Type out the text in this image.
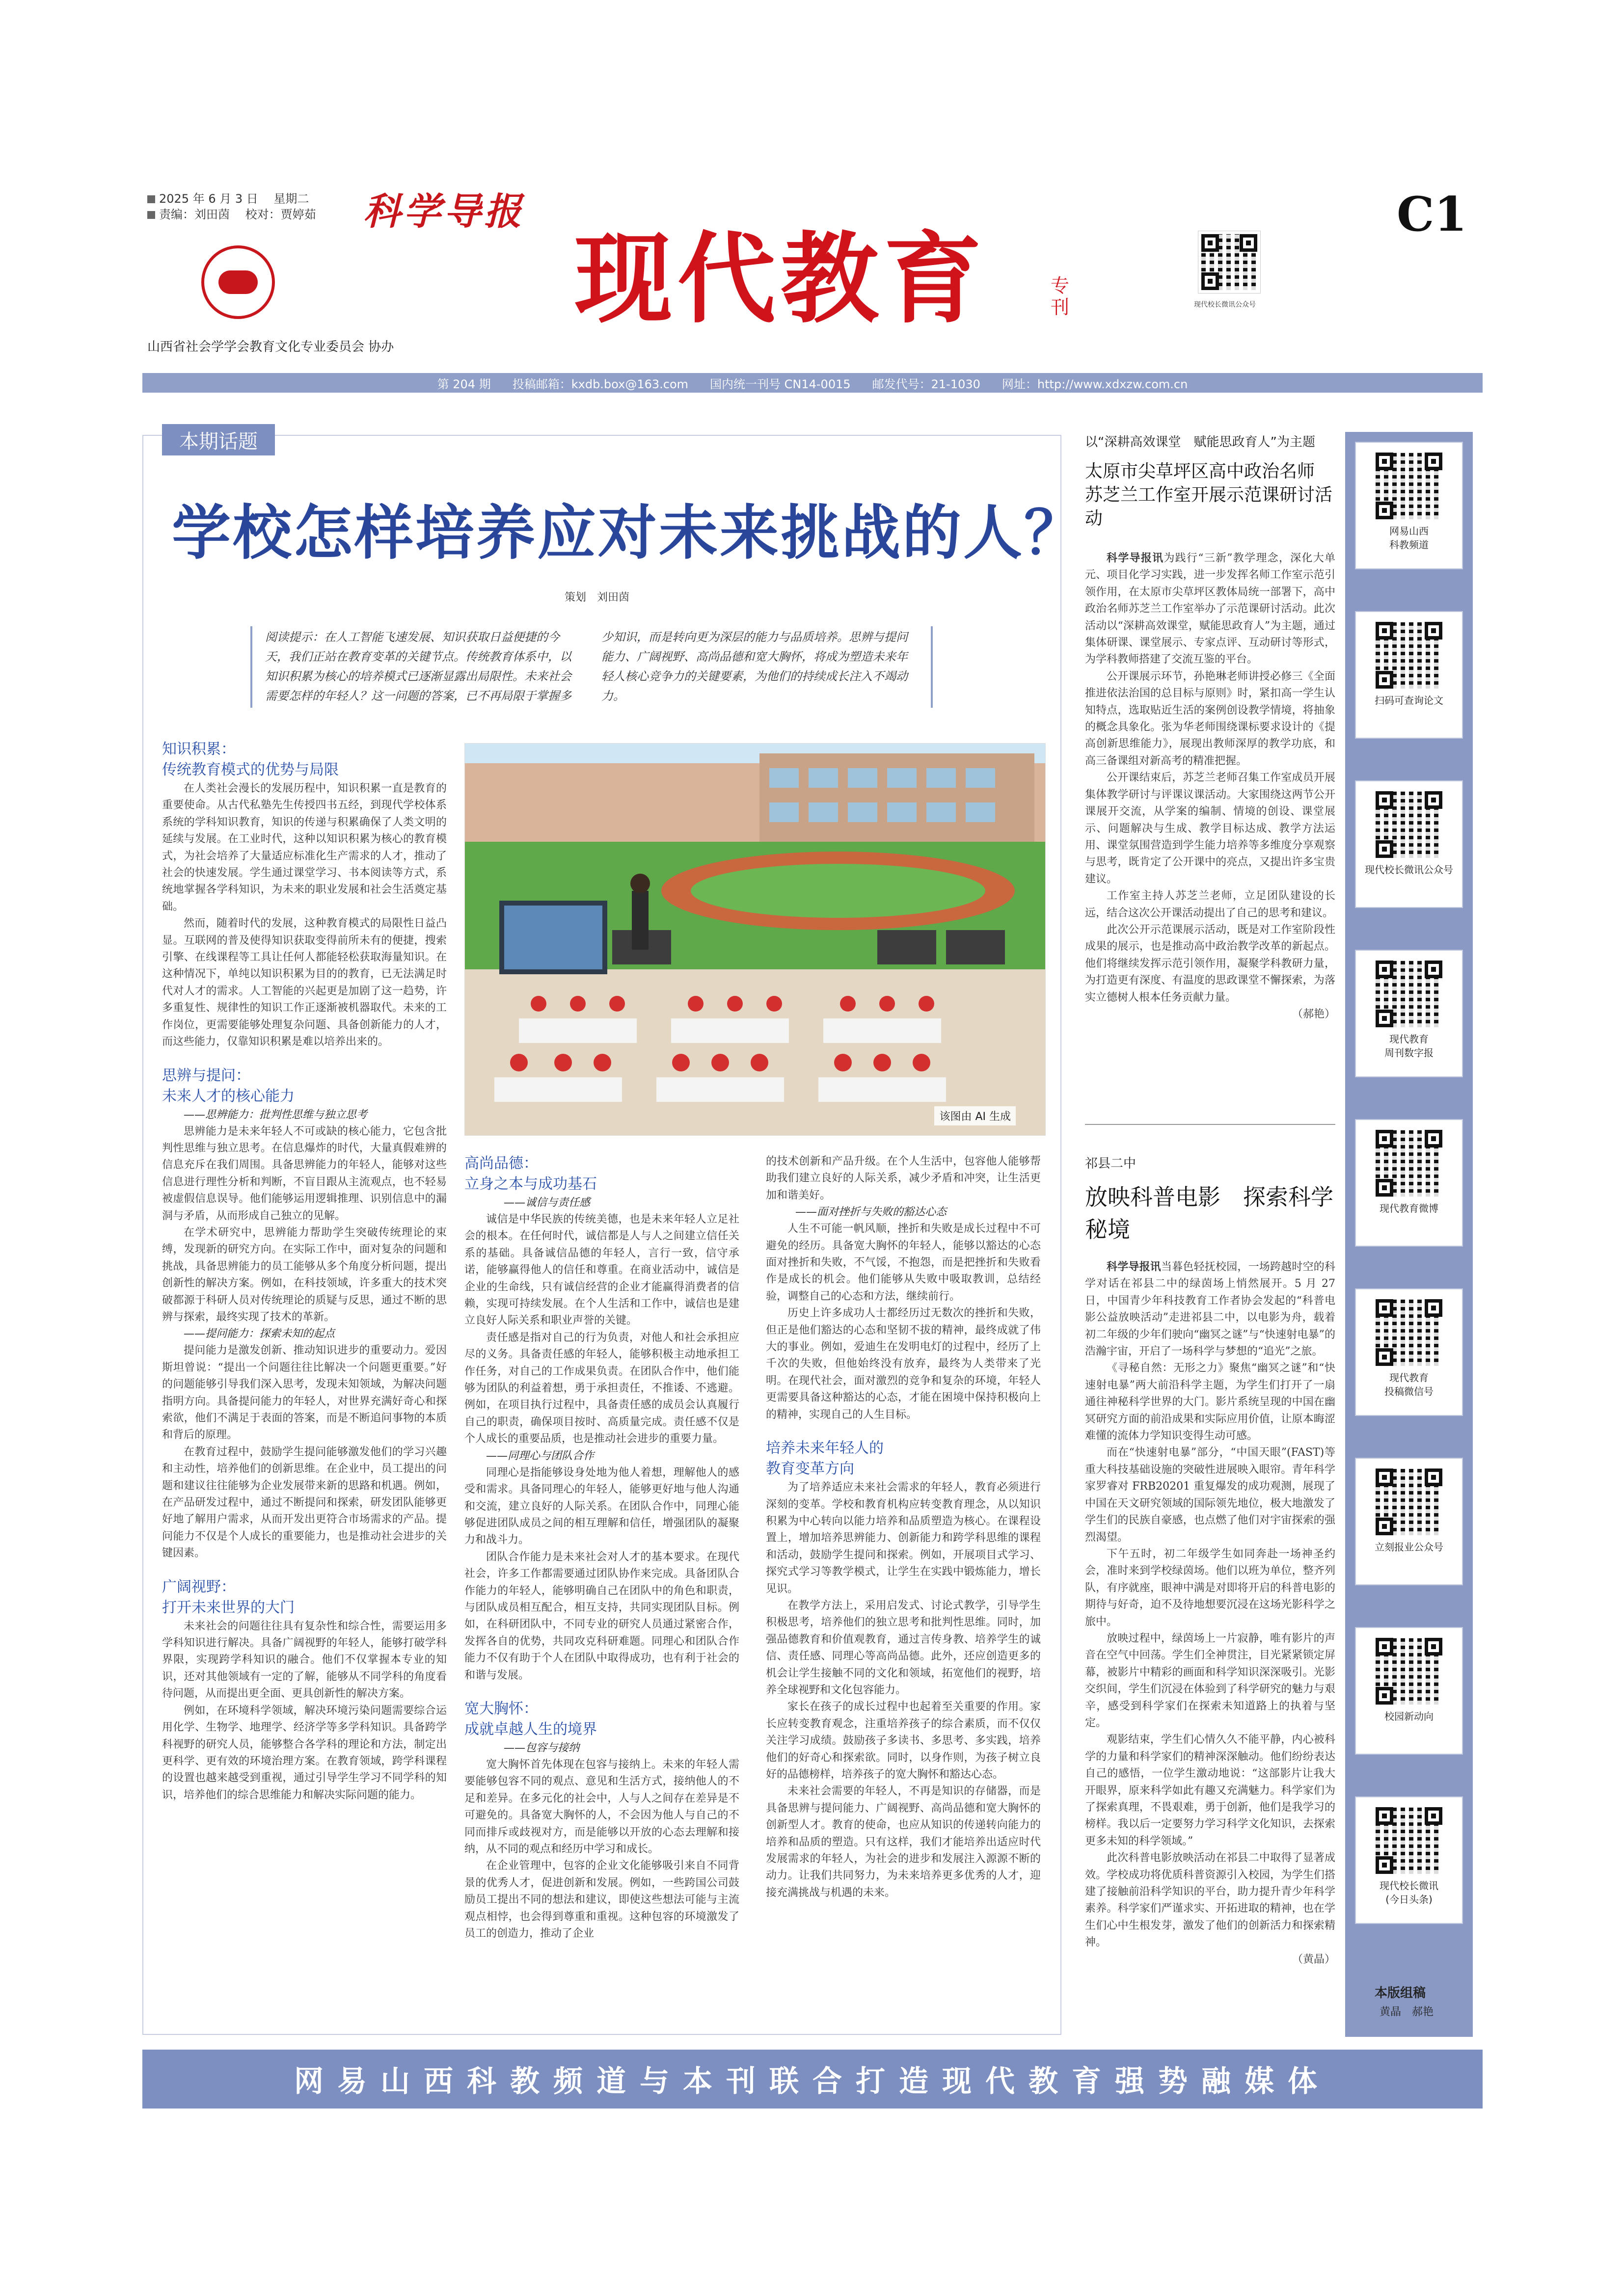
2025 年 6 月 3 日　 星期二
责编：刘田茵　 校对：贾婷茹 科学导报
山西省社会学学会教育文化专业委员会 协办
现代教育	专刊	现代校长微讯公众号
C1
第 204 期 投稿邮箱：kxdb.box@163.com 国内统一刊号 CN14-0015 邮发代号：21-1030 网址：http://www.xdxzw.com.cn
本期话题
学校怎样培养应对未来挑战的人？
策划　刘田茵
阅读提示：在人工智能飞速发展、知识获取日益便捷的今天，我们正站在教育变革的关键节点。传统教育体系中，以知识积累为核心的培养模式已逐渐显露出局限性。未来社会需要怎样的年轻人？这一问题的答案，已不再局限于掌握多少知识，而是转向更为深层的能力与品质培养。思辨与提问能力、广阔视野、高尚品德和宽大胸怀，将成为塑造未来年轻人核心竞争力的关键要素，为他们的持续成长注入不竭动力。
知识积累：
传统教育模式的优势与局限
在人类社会漫长的发展历程中，知识积累一直是教育的重要使命。从古代私塾先生传授四书五经，到现代学校体系系统的学科知识教育，知识的传递与积累确保了人类文明的延续与发展。在工业时代，这种以知识积累为核心的教育模式，为社会培养了大量适应标准化生产需求的人才，推动了社会的快速发展。学生通过课堂学习、书本阅读等方式，系统地掌握各学科知识，为未来的职业发展和社会生活奠定基础。
然而，随着时代的发展，这种教育模式的局限性日益凸显。互联网的普及使得知识获取变得前所未有的便捷，搜索引擎、在线课程等工具让任何人都能轻松获取海量知识。在这种情况下，单纯以知识积累为目的的教育，已无法满足时代对人才的需求。人工智能的兴起更是加剧了这一趋势，许多重复性、规律性的知识工作正逐渐被机器取代。未来的工作岗位，更需要能够处理复杂问题、具备创新能力的人才，而这些能力，仅靠知识积累是难以培养出来的。
思辨与提问：
未来人才的核心能力
——思辨能力：批判性思维与独立思考
思辨能力是未来年轻人不可或缺的核心能力，它包含批判性思维与独立思考。在信息爆炸的时代，大量真假难辨的信息充斥在我们周围。具备思辨能力的年轻人，能够对这些信息进行理性分析和判断，不盲目跟从主流观点，也不轻易被虚假信息误导。他们能够运用逻辑推理、识别信息中的漏洞与矛盾，从而形成自己独立的见解。
在学术研究中，思辨能力帮助学生突破传统理论的束缚，发现新的研究方向。在实际工作中，面对复杂的问题和挑战，具备思辨能力的员工能够从多个角度分析问题，提出创新性的解决方案。例如，在科技领域，许多重大的技术突破都源于科研人员对传统理论的质疑与反思，通过不断的思辨与探索，最终实现了技术的革新。
——提问能力：探索未知的起点
提问能力是激发创新、推动知识进步的重要动力。爱因斯坦曾说：“提出一个问题往往比解决一个问题更重要。”好的问题能够引导我们深入思考，发现未知领域，为解决问题指明方向。具备提问能力的年轻人，对世界充满好奇心和探索欲，他们不满足于表面的答案，而是不断追问事物的本质和背后的原理。
在教育过程中，鼓励学生提问能够激发他们的学习兴趣和主动性，培养他们的创新思维。在企业中，员工提出的问题和建议往往能够为企业发展带来新的思路和机遇。例如，在产品研发过程中，通过不断提问和探索，研发团队能够更好地了解用户需求，从而开发出更符合市场需求的产品。提问能力不仅是个人成长的重要能力，也是推动社会进步的关键因素。
广阔视野：
打开未来世界的大门
未来社会的问题往往具有复杂性和综合性，需要运用多学科知识进行解决。具备广阔视野的年轻人，能够打破学科界限，实现跨学科知识的融合。他们不仅掌握本专业的知识，还对其他领域有一定的了解，能够从不同学科的角度看待问题，从而提出更全面、更具创新性的解决方案。
例如，在环境科学领域，解决环境污染问题需要综合运用化学、生物学、地理学、经济学等多学科知识。具备跨学科视野的研究人员，能够整合各学科的理论和方法，制定出更科学、更有效的环境治理方案。在教育领域，跨学科课程的设置也越来越受到重视，通过引导学生学习不同学科的知识，培养他们的综合思维能力和解决实际问题的能力。
该图由 AI 生成
高尚品德：
立身之本与成功基石
——诚信与责任感
诚信是中华民族的传统美德，也是未来年轻人立足社会的根本。在任何时代，诚信都是人与人之间建立信任关系的基础。具备诚信品德的年轻人，言行一致，信守承诺，能够赢得他人的信任和尊重。在商业活动中，诚信是企业的生命线，只有诚信经营的企业才能赢得消费者的信赖，实现可持续发展。在个人生活和工作中，诚信也是建立良好人际关系和职业声誉的关键。
责任感是指对自己的行为负责，对他人和社会承担应尽的义务。具备责任感的年轻人，能够积极主动地承担工作任务，对自己的工作成果负责。在团队合作中，他们能够为团队的利益着想，勇于承担责任，不推诿、不逃避。例如，在项目执行过程中，具备责任感的成员会认真履行自己的职责，确保项目按时、高质量完成。责任感不仅是个人成长的重要品质，也是推动社会进步的重要力量。
——同理心与团队合作
同理心是指能够设身处地为他人着想，理解他人的感受和需求。具备同理心的年轻人，能够更好地与他人沟通和交流，建立良好的人际关系。在团队合作中，同理心能够促进团队成员之间的相互理解和信任，增强团队的凝聚力和战斗力。
团队合作能力是未来社会对人才的基本要求。在现代社会，许多工作都需要通过团队协作来完成。具备团队合作能力的年轻人，能够明确自己在团队中的角色和职责，与团队成员相互配合，相互支持，共同实现团队目标。例如，在科研团队中，不同专业的研究人员通过紧密合作，发挥各自的优势，共同攻克科研难题。同理心和团队合作能力不仅有助于个人在团队中取得成功，也有利于社会的和谐与发展。
宽大胸怀：
成就卓越人生的境界
——包容与接纳
宽大胸怀首先体现在包容与接纳上。未来的年轻人需要能够包容不同的观点、意见和生活方式，接纳他人的不足和差异。在多元化的社会中，人与人之间存在差异是不可避免的。具备宽大胸怀的人，不会因为他人与自己的不同而排斥或歧视对方，而是能够以开放的心态去理解和接纳，从不同的观点和经历中学习和成长。
在企业管理中，包容的企业文化能够吸引来自不同背景的优秀人才，促进创新和发展。例如，一些跨国公司鼓励员工提出不同的想法和建议，即使这些想法可能与主流观点相悖，也会得到尊重和重视。这种包容的环境激发了员工的创造力，推动了企业
的技术创新和产品升级。在个人生活中，包容他人能够帮助我们建立良好的人际关系，减少矛盾和冲突，让生活更加和谐美好。
——面对挫折与失败的豁达心态
人生不可能一帆风顺，挫折和失败是成长过程中不可避免的经历。具备宽大胸怀的年轻人，能够以豁达的心态面对挫折和失败，不气馁，不抱怨，而是把挫折和失败看作是成长的机会。他们能够从失败中吸取教训，总结经验，调整自己的心态和方法，继续前行。
历史上许多成功人士都经历过无数次的挫折和失败，但正是他们豁达的心态和坚韧不拔的精神，最终成就了伟大的事业。例如，爱迪生在发明电灯的过程中，经历了上千次的失败，但他始终没有放弃，最终为人类带来了光明。在现代社会，面对激烈的竞争和复杂的环境，年轻人更需要具备这种豁达的心态，才能在困境中保持积极向上的精神，实现自己的人生目标。
培养未来年轻人的
教育变革方向
为了培养适应未来社会需求的年轻人，教育必须进行深刻的变革。学校和教育机构应转变教育理念，从以知识积累为中心转向以能力培养和品质塑造为核心。在课程设置上，增加培养思辨能力、创新能力和跨学科思维的课程和活动，鼓励学生提问和探索。例如，开展项目式学习、探究式学习等教学模式，让学生在实践中锻炼能力，增长见识。
在教学方法上，采用启发式、讨论式教学，引导学生积极思考，培养他们的独立思考和批判性思维。同时，加强品德教育和价值观教育，通过言传身教、培养学生的诚信、责任感、同理心等高尚品德。此外，还应创造更多的机会让学生接触不同的文化和领域，拓宽他们的视野，培养全球视野和文化包容能力。
家长在孩子的成长过程中也起着至关重要的作用。家长应转变教育观念，注重培养孩子的综合素质，而不仅仅关注学习成绩。鼓励孩子多读书、多思考、多实践，培养他们的好奇心和探索欲。同时，以身作则，为孩子树立良好的品德榜样，培养孩子的宽大胸怀和豁达心态。
未来社会需要的年轻人，不再是知识的存储器，而是具备思辨与提问能力、广阔视野、高尚品德和宽大胸怀的创新型人才。教育的使命，也应从知识的传递转向能力的培养和品质的塑造。只有这样，我们才能培养出适应时代发展需求的年轻人，为社会的进步和发展注入源源不断的动力。让我们共同努力，为未来培养更多优秀的人才，迎接充满挑战与机遇的未来。
以“深耕高效课堂　赋能思政育人”为主题
太原市尖草坪区高中政治名师
苏芝兰工作室开展示范课研讨活动
科学导报讯为践行“三新”教学理念，深化大单元、项目化学习实践，进一步发挥名师工作室示范引领作用，在太原市尖草坪区教体局统一部署下，高中政治名师苏芝兰工作室举办了示范课研讨活动。此次活动以“深耕高效课堂，赋能思政育人”为主题，通过集体研课、课堂展示、专家点评、互动研讨等形式，为学科教师搭建了交流互鉴的平台。
公开课展示环节，孙艳琳老师讲授必修三《全面推进依法治国的总目标与原则》时，紧扣高一学生认知特点，选取贴近生活的案例创设教学情境，将抽象的概念具象化。张为华老师围绕课标要求设计的《提高创新思维能力》，展现出教师深厚的教学功底，和高三备课组对新高考的精准把握。
公开课结束后，苏芝兰老师召集工作室成员开展集体教学研讨与评课议课活动。大家围绕这两节公开课展开交流，从学案的编制、情境的创设、课堂展示、问题解决与生成、教学目标达成、教学方法运用、课堂氛围营造到学生能力培养等多维度分享观察与思考，既肯定了公开课中的亮点，又提出许多宝贵建议。
工作室主持人苏芝兰老师，立足团队建设的长远，结合这次公开课活动提出了自己的思考和建议。
此次公开示范课展示活动，既是对工作室阶段性成果的展示，也是推动高中政治教学改革的新起点。他们将继续发挥示范引领作用，凝聚学科教研力量，为打造更有深度、有温度的思政课堂不懈探索，为落实立德树人根本任务贡献力量。
（郝艳）
祁县二中
放映科普电影　探索科学秘境
科学导报讯当暮色轻抚校园，一场跨越时空的科学对话在祁县二中的绿茵场上悄然展开。5 月 27 日，中国青少年科技教育工作者协会发起的“科普电影公益放映活动”走进祁县二中，以电影为舟，载着初二年级的少年们驶向“幽冥之谜”与“快速射电暴”的浩瀚宇宙，开启了一场科学与梦想的“追光”之旅。
《寻秘自然：无形之力》聚焦“幽冥之谜”和“快速射电暴”两大前沿科学主题，为学生们打开了一扇通往神秘科学世界的大门。影片系统呈现的中国在幽冥研究方面的前沿成果和实际应用价值，让原本晦涩难懂的流体力学知识变得生动可感。
而在“快速射电暴”部分，“中国天眼”(FAST)等重大科技基础设施的突破性进展映入眼帘。青年科学家罗睿对 FRB20201 重复爆发的成功观测，展现了中国在天文研究领域的国际领先地位，极大地激发了学生们的民族自豪感，也点燃了他们对宇宙探索的强烈渴望。
下午五时，初二年级学生如同奔赴一场神圣约会，准时来到学校绿茵场。他们以班为单位，整齐列队，有序就座，眼神中满是对即将开启的科普电影的期待与好奇，迫不及待地想要沉浸在这场光影科学之旅中。
放映过程中，绿茵场上一片寂静，唯有影片的声音在空气中回荡。学生们全神贯注，目光紧紧锁定屏幕，被影片中精彩的画面和科学知识深深吸引。光影交织间，学生们沉浸在体验到了科学研究的魅力与艰辛，感受到科学家们在探索未知道路上的执着与坚定。
观影结束，学生们心情久久不能平静，内心被科学的力量和科学家们的精神深深触动。他们纷纷表达自己的感悟，一位学生激动地说：“这部影片让我大开眼界，原来科学如此有趣又充满魅力。科学家们为了探索真理，不畏艰难，勇于创新，他们是我学习的榜样。我以后一定要努力学习科学文化知识，去探索更多未知的科学领域。”
此次科普电影放映活动在祁县二中取得了显著成效。学校成功将优质科普资源引入校园，为学生们搭建了接触前沿科学知识的平台，助力提升青少年科学素养。科学家们严谨求实、开拓进取的精神，也在学生们心中生根发芽，激发了他们的创新活力和探索精神。
（黄晶）
网易山西
科教频道
扫码可查询论文
现代校长微讯公众号
现代教育
周刊数字报
现代教育微博
现代教育
投稿微信号
立刻报业公众号
校园新动向
现代校长微讯
(今日头条)
本版组稿
黄晶　郝艳
网易山西科教频道与本刊联合打造现代教育强势融媒体
